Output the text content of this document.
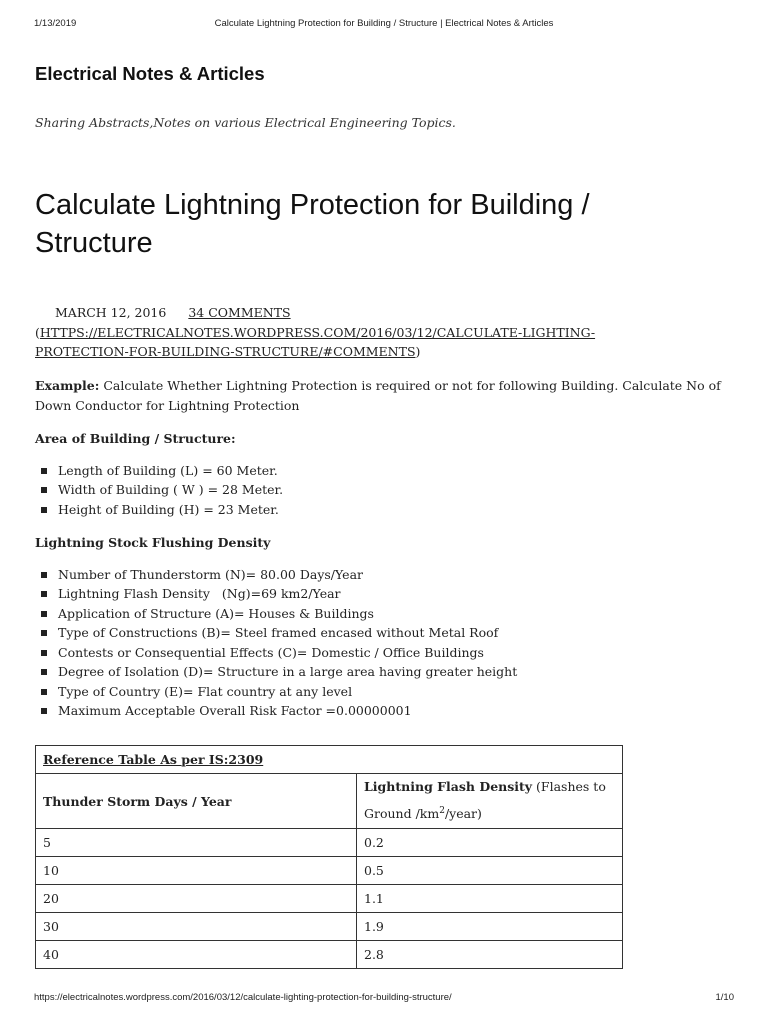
1/13/2019	Calculate Lightning Protection for Building / Structure | Electrical Notes & Articles
Electrical Notes & Articles
Sharing Abstracts,Notes on various Electrical Engineering Topics.
Calculate Lightning Protection for Building / Structure
MARCH 12, 2016 34 COMMENTS (HTTPS://ELECTRICALNOTES.WORDPRESS.COM/2016/03/12/CALCULATE-LIGHTING-PROTECTION-FOR-BUILDING-STRUCTURE/#COMMENTS)

Example: Calculate Whether Lightning Protection is required or not for following Building. Calculate No of Down Conductor for Lightning Protection

Area of Building / Structure:

Length of Building (L) = 60 Meter.
Width of Building ( W ) = 28 Meter.
Height of Building (H) = 23 Meter.

Lightning Stock Flushing Density

Number of Thunderstorm (N)= 80.00 Days/Year
Lightning Flash Density   (Ng)=69 km2/Year
Application of Structure (A)= Houses & Buildings
Type of Constructions (B)= Steel framed encased without Metal Roof
Contests or Consequential Effects (C)= Domestic / Office Buildings
Degree of Isolation (D)= Structure in a large area having greater height
Type of Country (E)= Flat country at any level
Maximum Acceptable Overall Risk Factor =0.00000001
Reference Table As per IS:2309	
Thunder Storm Days / Year	Lightning Flash Density (Flashes to Ground $/km^2/year$)
5	0.2
10	0.5
20	1.1
30	1.9
40	2.8
https://electricalnotes.wordpress.com/2016/03/12/calculate-lighting-protection-for-building-structure/	1/10
